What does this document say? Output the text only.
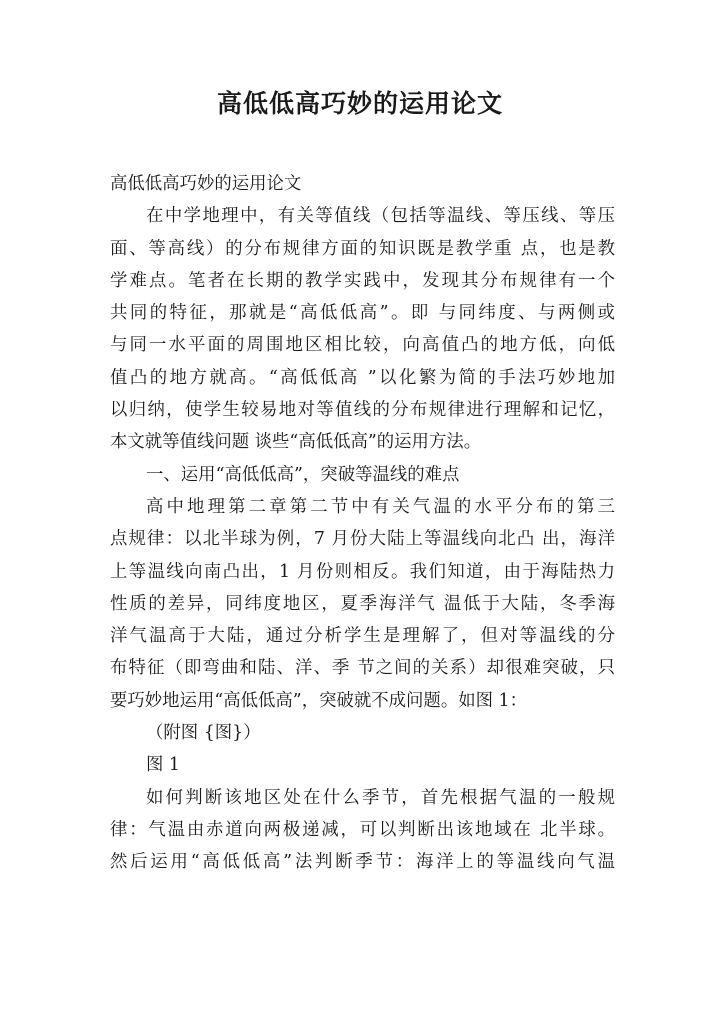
高低低高巧妙的运用论文
高低低高巧妙的运用论文
在中学地理中，有关等值线（包括等温线、等压线、等压
面、等高线）的分布规律方面的知识既是教学重 点，也是教
学难点。笔者在长期的教学实践中，发现其分布规律有一个
共同的特征，那就是“高低低高”。即 与同纬度、与两侧或
与同一水平面的周围地区相比较，向高值凸的地方低，向低
值凸的地方就高。“高低低高 ”以化繁为简的手法巧妙地加
以归纳，使学生较易地对等值线的分布规律进行理解和记忆，
本文就等值线问题 谈些“高低低高”的运用方法。
一、运用“高低低高”，突破等温线的难点
高中地理第二章第二节中有关气温的水平分布的第三
点规律：以北半球为例，7 月份大陆上等温线向北凸 出，海洋
上等温线向南凸出，1 月份则相反。我们知道，由于海陆热力
性质的差异，同纬度地区，夏季海洋气 温低于大陆，冬季海
洋气温高于大陆，通过分析学生是理解了，但对等温线的分
布特征（即弯曲和陆、洋、季 节之间的关系）却很难突破，只
要巧妙地运用“高低低高”，突破就不成问题。如图 1：
（附图 {图}）
图 1
如何判断该地区处在什么季节，首先根据气温的一般规
律：气温由赤道向两极递减，可以判断出该地域在 北半球。
然后运用“高低低高”法判断季节：海洋上的等温线向气温
